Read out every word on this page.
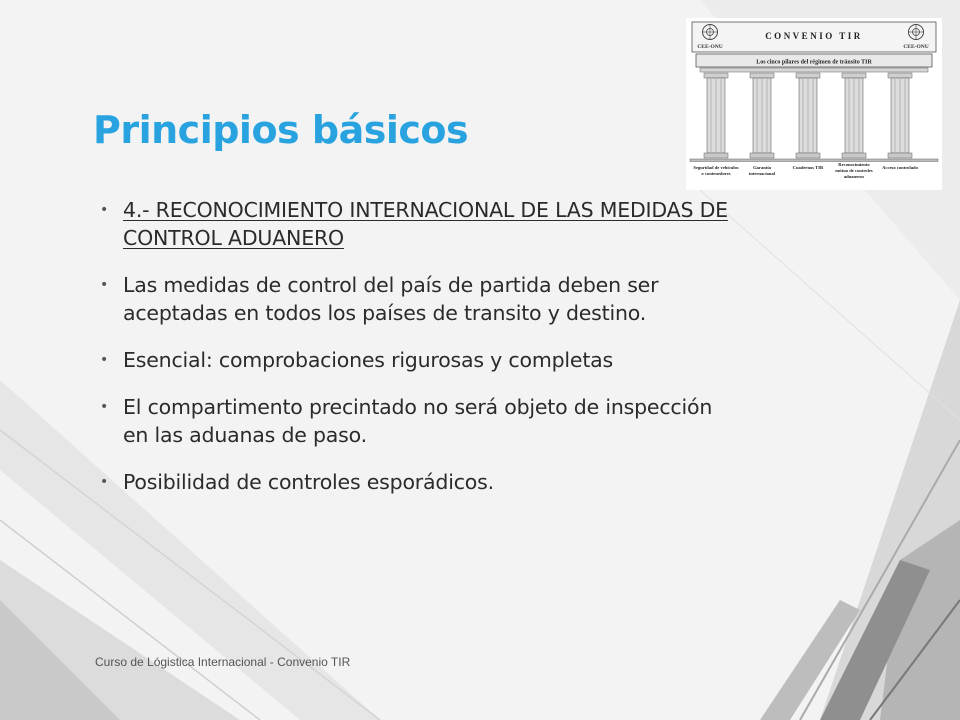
Principios básicos
• 4.- RECONOCIMIENTO INTERNACIONAL DE LAS MEDIDAS DE CONTROL ADUANERO
• Las medidas de control del país de partida deben ser aceptadas en todos los países de transito y destino.
• Esencial: comprobaciones rigurosas y completas
• El compartimento precintado no será objeto de inspección en las aduanas de paso.
• Posibilidad de controles esporádicos.
CEE-ONU	CEE-ONU
CONVENIO TIR
Los cinco pilares del régimen de tránsito TIR
Seguridad de vehículos
o contenedores
Garantía
internacional
Cuadernos TIR
Reconocimiento
mútuo de controles
aduaneros
Acceso controlado
Curso de Lógistica Internacional - Convenio TIR
